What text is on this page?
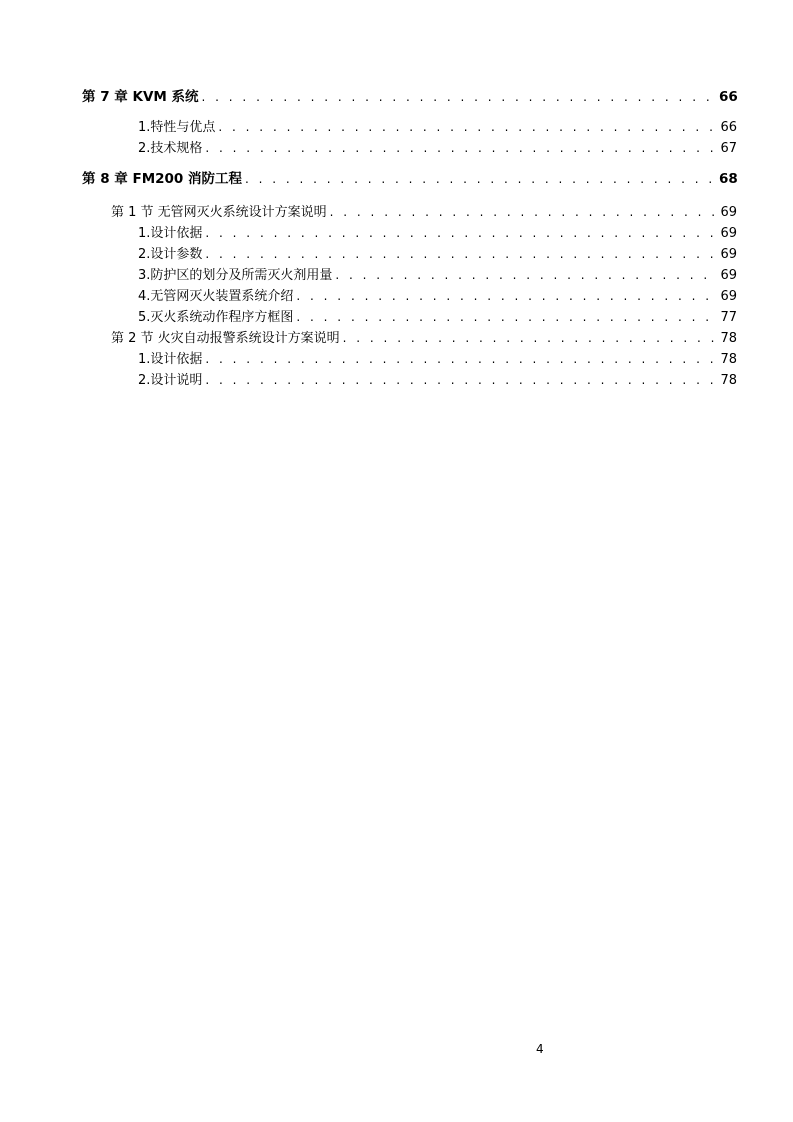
第 7 章 KVM 系统 . . .	66
1. 特性与优点 . . .	66
2. 技术规格 . . .	67
第 8 章 FM200 消防工程 . . .	68
第 1 节 无管网灭火系统设计方案说明 . . .	69
1. 设计依据 . . .	69
2. 设计参数 . . .	69
3. 防护区的划分及所需灭火剂用量 . . .	69
4. 无管网灭火装置系统介绍 . . .	69
5. 灭火系统动作程序方框图 . . .	77
第 2 节 火灾自动报警系统设计方案说明 . . .	78
1. 设计依据 . . .	78
2. 设计说明 . . .	78
4
